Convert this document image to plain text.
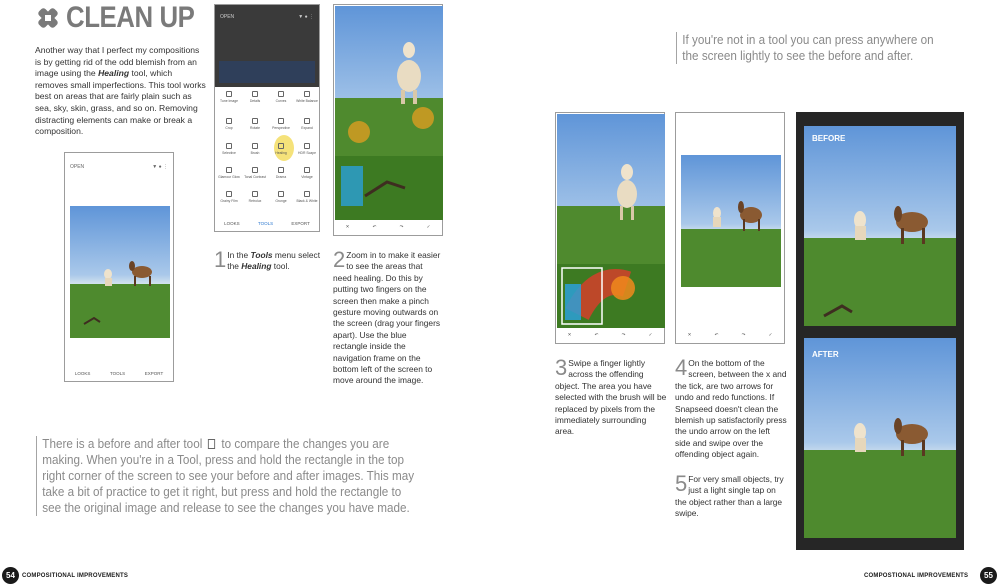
CLEAN UP
Another way that I perfect my compositions is by getting rid of the odd blemish from an image using the Healing tool, which removes small imperfections. This tool works best on areas that are fairly plain such as sea, sky, skin, grass, and so on. Removing distracting elements can make or break a composition.
OPEN	▼ ● ⋮
LOOKS	TOOLS	EXPORT
OPEN	▼ ● ⋮
Tune Image	Details	Curves	White Balance
Crop	Rotate	Perspective	Expand
Selective	Brush	Healing	HDR Scape
Glamour Glow	Tonal Contrast	Drama	Vintage
Grainy Film	Retrolux	Grunge	Black & White
LOOKS	TOOLS	EXPORT
✕	↶	↷	✓
1 In the Tools menu select the Healing tool.	2 Zoom in to make it easier to see the areas that need healing. Do this by putting two fingers on the screen then make a pinch gesture moving outwards on the screen (drag your fingers apart). Use the blue rectangle inside the navigation frame on the bottom left of the screen to move around the image.
There is a before and after tool  to compare the changes you are making. When you're in a Tool, press and hold the rectangle in the top right corner of the screen to see your before and after images. This may take a bit of practice to get it right, but press and hold the rectangle to see the original image and release to see the changes you have made.
If you're not in a tool you can press anywhere on the screen lightly to see the before and after.
✕	↶	↷	✓	✕	↶	↷	✓
3 Swipe a finger lightly across the offending object. The area you have selected with the brush will be replaced by pixels from the immediately surrounding area.
4 On the bottom of the screen, between the x and the tick, are two arrows for undo and redo functions. If Snapseed doesn't clean the blemish up satisfactorily press the undo arrow on the left side and swipe over the offending object again.
5 For very small objects, try just a light single tap on the object rather than a large swipe.
BEFORE
AFTER
54	COMPOSITIONAL IMPROVEMENTS	COMPOSTIONAL IMPROVEMENTS	55
